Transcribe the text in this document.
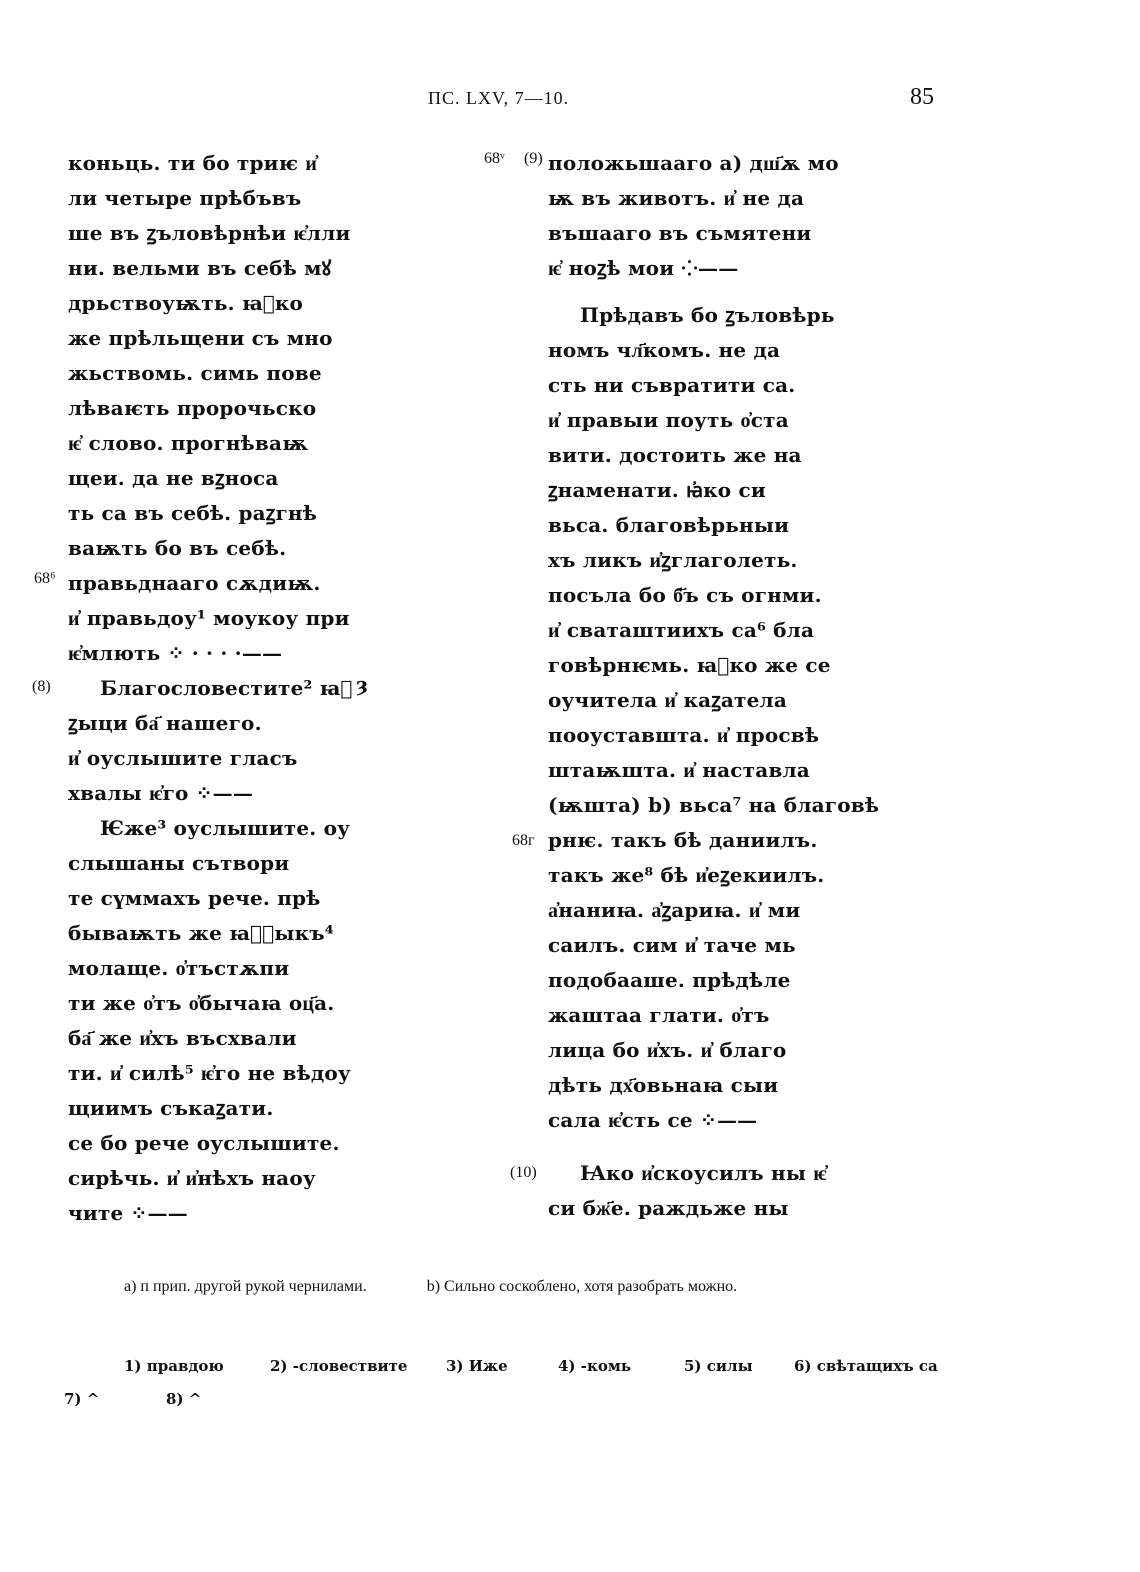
ПС. LXV, 7—10.	85
коньць. ти бо триѥ и҆
ли четыре прѣбъвъ
ше въ ꙁъловѣрнѣи ѥ҆лли
ни. вельми въ себѣ мꙋ
дрьствоуѭть. ꙗ҆ко
же прѣльщени съ мно
жьствомь. симь пове
лѣваѥть пророчьско
ѥ҆ слово. прогнѣваѭ
щеи. да не вꙁноса
ть са въ себѣ. раꙁгнѣ
ваѭть бо въ себѣ.
правьднааго сѫдиѭ.
и҆ правьдоу¹ моукоу при
ѥ҆млють ⁘ · · · ·——
Благословестите² ꙗ҆
ꙁыци ба҃ нашего.
и҆ оуслышите гласъ
хвалы ѥ҆го ⁘——
Ѥже³ оуслышите. оу
слышаны сътвори
те сүммахъ рече. прѣ
бываѭть же ꙗ҆ꙁыкъ⁴
молаще. о҆тъстѫпи
ти же о҆тъ о҆бычаꙗ оц҃а.
ба҃ же и҆хъ въсхвали
ти. и҆ силѣ⁵ ѥ҆го не вѣдоу
щиимъ съкаꙁати.
се бо рече оуслышите.
сирѣчь. и҆ и҆нѣхъ наоу
чите ⁘——
68⁶
(8)	ȝ
положьшааго а) дш҃ѫ мо
ѭ въ животъ. и҆ не да
въшааго въ съмятени
ѥ҆ ноꙁѣ мои ⁘——
Прѣдавъ бо ꙁъловѣрь
номъ чл҃комъ. не да
сть ни съвратити са.
и҆ правыи поуть о҆ста
вити. достоить же на
ꙁнаменати. ꙗ҆ко си
вьса. благовѣрьныи
хъ ликъ и҆ꙁглаголеть.
посъла бо б҃ъ съ огнми.
и҆ сваташтиихъ са⁶ бла
говѣрнѥмь. ꙗ҆ко же се
оучитела и҆ каꙁатела
пооуставшта. и҆ просвѣ
штаѭшта. и҆ наставла
(ѭшта) b) вьса⁷ на благовѣ
рнѥ. такъ бѣ даниилъ.
такъ же⁸ бѣ и҆еꙁекиилъ.
а҆наниꙗ. а҆ꙁариꙗ. и҆ ми
саилъ. сим и҆ таче мь
подобааше. прѣдѣле
жаштаа глати. о҆тъ
лица бо и҆хъ. и҆ благо
дѣть дх҃овьнаꙗ сыи
сала ѥ҆сть се ⁘——
Ꙗко и҆скоусилъ ны ѥ҆
си бж҃е. раждьже ны
68ᵛ (9)
68ᴦ
(10)
а) п прип. другой рукой чернилами.	b) Сильно соскоблено, хотя разобрать можно.
1) правдою	2) -словествите	3) Иже	4) -комь	5) силы	6) свѣтащихъ са
7) ^	8) ^
